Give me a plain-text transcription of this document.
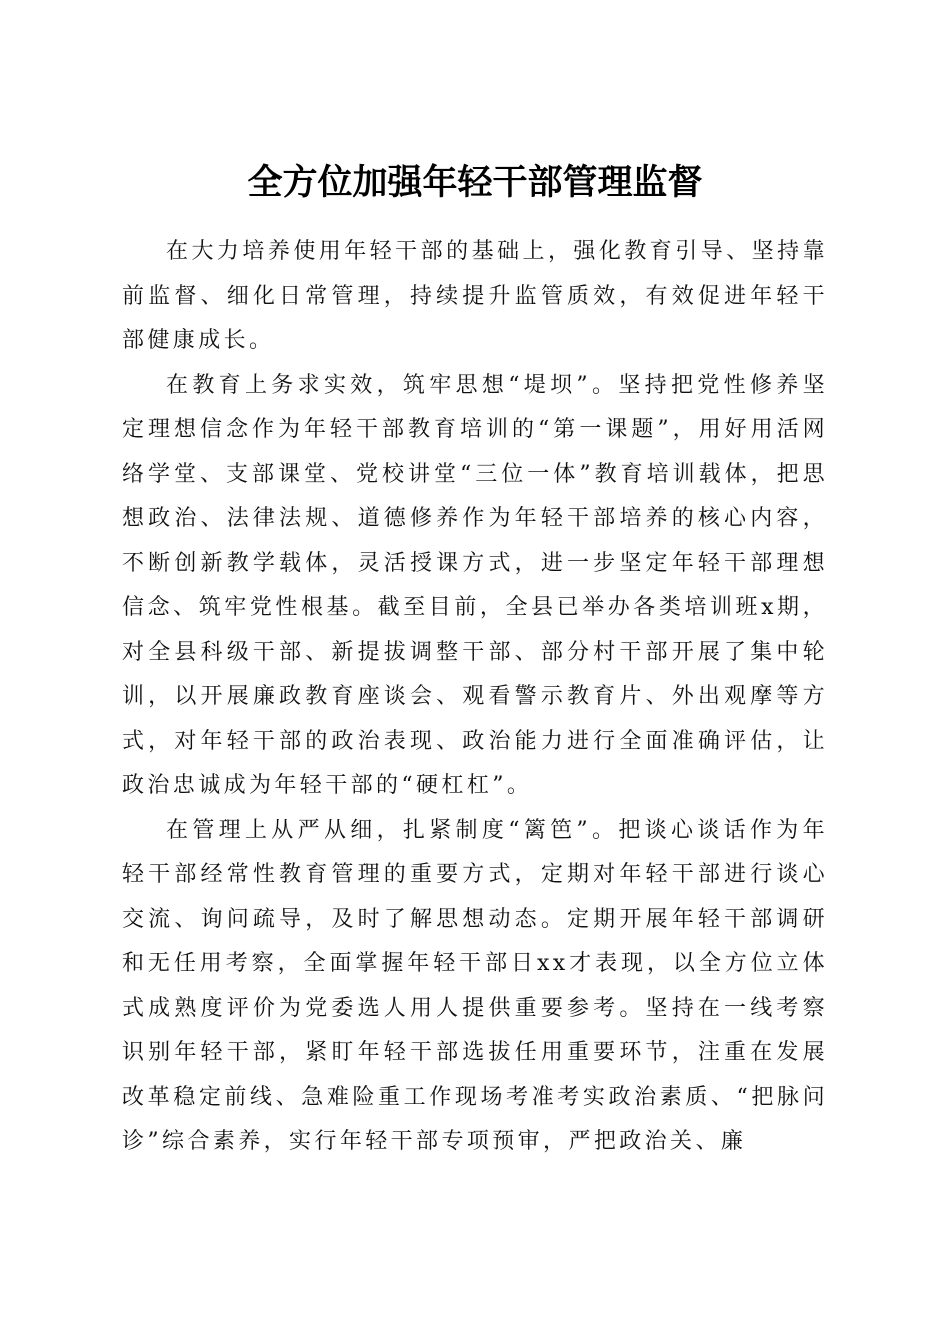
全方位加强年轻干部管理监督

在大力培养使用年轻干部的基础上，强化教育引导、坚持靠前监督、细化日常管理，持续提升监管质效，有效促进年轻干部健康成长。

在教育上务求实效，筑牢思想“堤坝”。坚持把党性修养坚定理想信念作为年轻干部教育培训的“第一课题”，用好用活网络学堂、支部课堂、党校讲堂“三位一体”教育培训载体，把思想政治、法律法规、道德修养作为年轻干部培养的核心内容，不断创新教学载体，灵活授课方式，进一步坚定年轻干部理想信念、筑牢党性根基。截至目前，全县已举办各类培训班x期，对全县科级干部、新提拔调整干部、部分村干部开展了集中轮训，以开展廉政教育座谈会、观看警示教育片、外出观摩等方式，对年轻干部的政治表现、政治能力进行全面准确评估，让政治忠诚成为年轻干部的“硬杠杠”。

在管理上从严从细，扎紧制度“篱笆”。把谈心谈话作为年轻干部经常性教育管理的重要方式，定期对年轻干部进行谈心交流、询问疏导，及时了解思想动态。定期开展年轻干部调研和无任用考察，全面掌握年轻干部日xx才表现，以全方位立体式成熟度评价为党委选人用人提供重要参考。坚持在一线考察识别年轻干部，紧盯年轻干部选拔任用重要环节，注重在发展改革稳定前线、急难险重工作现场考准考实政治素质、“把脉问诊”综合素养，实行年轻干部专项预审，严把政治关、廉
